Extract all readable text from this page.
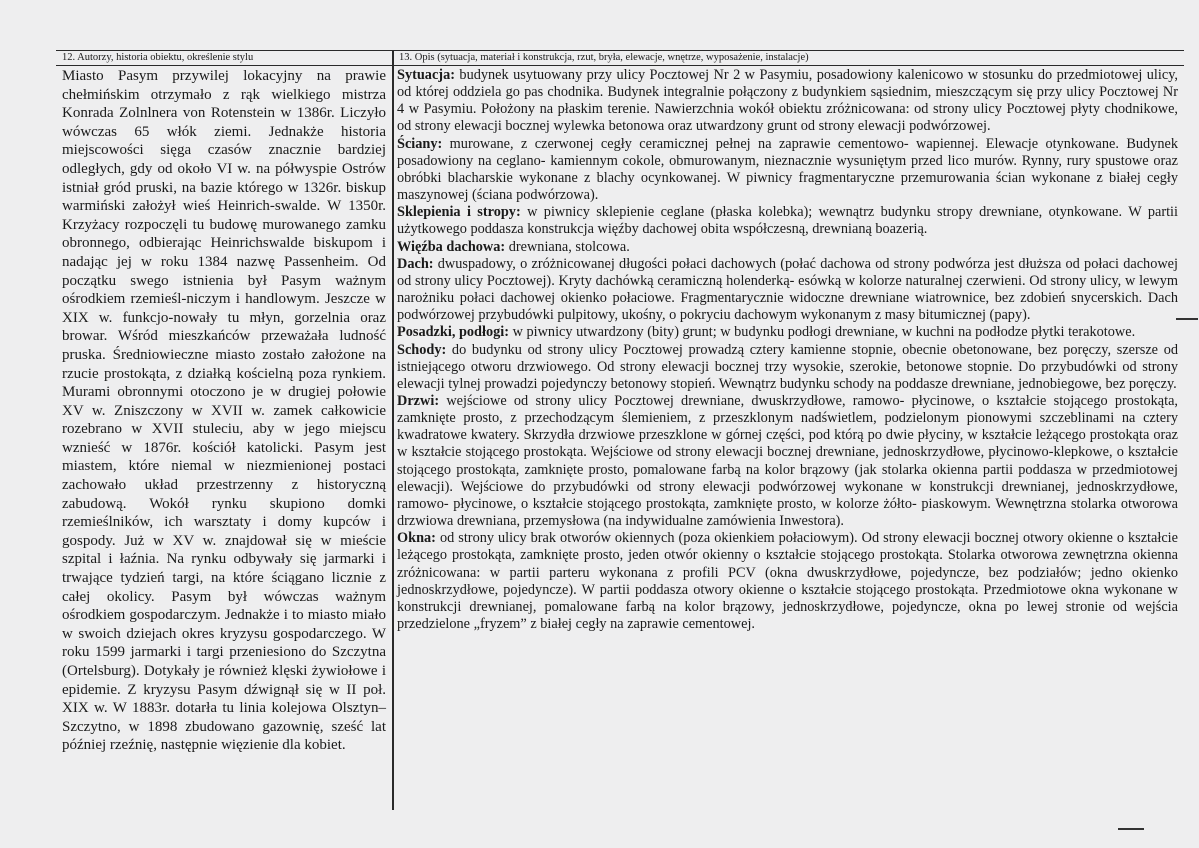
12. Autorzy, historia obiektu, określenie stylu
Miasto Pasym przywilej lokacyjny na prawie chełmińskim otrzymało z rąk wielkiego mistrza Konrada Zolnlnera von Rotenstein w 1386r. Liczyło wówczas 65 włók ziemi. Jednakże historia miejscowości sięga czasów znacznie bardziej odległych, gdy od około VI w. na półwyspie Ostrów istniał gród pruski, na bazie którego w 1326r. biskup warmiński założył wieś Heinrich-swalde. W 1350r. Krzyżacy rozpoczęli tu budowę murowanego zamku obronnego, odbierając Heinrichswalde biskupom i nadając jej w roku 1384 nazwę Passenheim. Od początku swego istnienia był Pasym ważnym ośrodkiem rzemieśl-niczym i handlowym. Jeszcze w XIX w. funkcjo-nowały tu młyn, gorzelnia oraz browar. Wśród mieszkańców przeważała ludność pruska. Średniowieczne miasto zostało założone na rzucie prostokąta, z działką kościelną poza rynkiem. Murami obronnymi otoczono je w drugiej połowie XV w. Zniszczony w XVII w. zamek całkowicie rozebrano w XVII stuleciu, aby w jego miejscu wznieść w 1876r. kościół katolicki. Pasym jest miastem, które niemal w niezmienionej postaci zachowało układ przestrzenny z historyczną zabudową. Wokół rynku skupiono domki rzemieślników, ich warsztaty i domy kupców i gospody. Już w XV w. znajdował się w mieście szpital i łaźnia. Na rynku odbywały się jarmarki i trwające tydzień targi, na które ściągano licznie z całej okolicy. Pasym był wówczas ważnym ośrodkiem gospodarczym. Jednakże i to miasto miało w swoich dziejach okres kryzysu gospodarczego. W roku 1599 jarmarki i targi przeniesiono do Szczytna (Ortelsburg). Dotykały je również klęski żywiołowe i epidemie. Z kryzysu Pasym dźwignął się w II poł. XIX w. W 1883r. dotarła tu linia kolejowa Olsztyn–Szczytno, w 1898 zbudowano gazownię, sześć lat później rzeźnię, następnie więzienie dla kobiet.
13. Opis (sytuacja, materiał i konstrukcja, rzut, bryła, elewacje, wnętrze, wyposażenie, instalacje)

Sytuacja: budynek usytuowany przy ulicy Pocztowej Nr 2 w Pasymiu, posadowiony kalenicowo w stosunku do przedmiotowej ulicy, od której oddziela go pas chodnika. Budynek integralnie połączony z budynkiem sąsiednim, mieszczącym się przy ulicy Pocztowej Nr 4 w Pasymiu. Położony na płaskim terenie. Nawierzchnia wokół obiektu zróżnicowana: od strony ulicy Pocztowej płyty chodnikowe, od strony elewacji bocznej wylewka betonowa oraz utwardzony grunt od strony elewacji podwórzowej.

Ściany: murowane, z czerwonej cegły ceramicznej pełnej na zaprawie cementowo- wapiennej. Elewacje otynkowane. Budynek posadowiony na ceglano- kamiennym cokole, obmurowanym, nieznacznie wysuniętym przed lico murów. Rynny, rury spustowe oraz obróbki blacharskie wykonane z blachy ocynkowanej. W piwnicy fragmentaryczne przemurowania ścian wykonane z białej cegły maszynowej (ściana podwórzowa).

Sklepienia i stropy: w piwnicy sklepienie ceglane (płaska kolebka); wewnątrz budynku stropy drewniane, otynkowane. W partii użytkowego poddasza konstrukcja więźby dachowej obita współczesną, drewnianą boazerią.

Więźba dachowa: drewniana, stolcowa.

Dach: dwuspadowy, o zróżnicowanej długości połaci dachowych (połać dachowa od strony podwórza jest dłuższa od połaci dachowej od strony ulicy Pocztowej). Kryty dachówką ceramiczną holenderką- esówką w kolorze naturalnej czerwieni. Od strony ulicy, w lewym narożniku połaci dachowej okienko połaciowe. Fragmentarycznie widoczne drewniane wiatrownice, bez zdobień snycerskich. Dach podwórzowej przybudówki pulpitowy, ukośny, o pokryciu dachowym wykonanym z masy bitumicznej (papy).

Posadzki, podłogi: w piwnicy utwardzony (bity) grunt; w budynku podłogi drewniane, w kuchni na podłodze płytki terakotowe.

Schody: do budynku od strony ulicy Pocztowej prowadzą cztery kamienne stopnie, obecnie obetonowane, bez poręczy, szersze od istniejącego otworu drzwiowego. Od strony elewacji bocznej trzy wysokie, szerokie, betonowe stopnie. Do przybudówki od strony elewacji tylnej prowadzi pojedynczy betonowy stopień. Wewnątrz budynku schody na poddasze drewniane, jednobiegowe, bez poręczy.

Drzwi: wejściowe od strony ulicy Pocztowej drewniane, dwuskrzydłowe, ramowo- płycinowe, o kształcie stojącego prostokąta, zamknięte prosto, z przechodzącym ślemieniem, z przeszklonym nadświetlem, podzielonym pionowymi szczeblinami na cztery kwadratowe kwatery. Skrzydła drzwiowe przeszklone w górnej części, pod którą po dwie płyciny, w kształcie leżącego prostokąta oraz w kształcie stojącego prostokąta. Wejściowe od strony elewacji bocznej drewniane, jednoskrzydłowe, płycinowo-klepkowe, o kształcie stojącego prostokąta, zamknięte prosto, pomalowane farbą na kolor brązowy (jak stolarka okienna partii poddasza w przedmiotowej elewacji). Wejściowe do przybudówki od strony elewacji podwórzowej wykonane w konstrukcji drewnianej, jednoskrzydłowe, ramowo- płycinowe, o kształcie stojącego prostokąta, zamknięte prosto, w kolorze żółto- piaskowym. Wewnętrzna stolarka otworowa drzwiowa drewniana, przemysłowa (na indywidualne zamówienia Inwestora).

Okna: od strony ulicy brak otworów okiennych (poza okienkiem połaciowym). Od strony elewacji bocznej otwory okienne o kształcie leżącego prostokąta, zamknięte prosto, jeden otwór okienny o kształcie stojącego prostokąta. Stolarka otworowa zewnętrzna okienna zróżnicowana: w partii parteru wykonana z profili PCV (okna dwuskrzydłowe, pojedyncze, bez podziałów; jedno okienko jednoskrzydłowe, pojedyncze). W partii poddasza otwory okienne o kształcie stojącego prostokąta. Przedmiotowe okna wykonane w konstrukcji drewnianej, pomalowane farbą na kolor brązowy, jednoskrzydłowe, pojedyncze, okna po lewej stronie od wejścia przedzielone „fryzem” z białej cegły na zaprawie cementowej.
